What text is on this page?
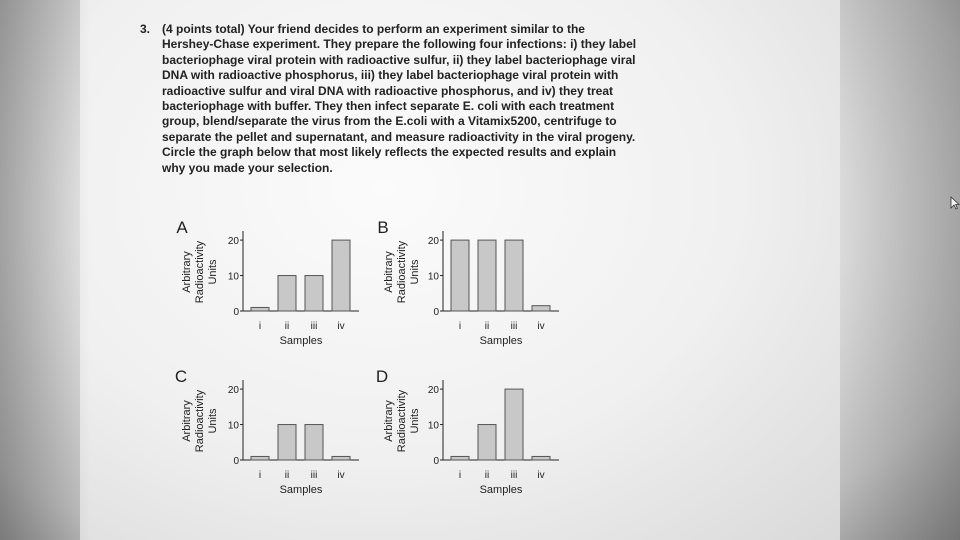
3. (4 points total) Your friend decides to perform an experiment similar to the
Hershey-Chase experiment. They prepare the following four infections: i) they label
bacteriophage viral protein with radioactive sulfur, ii) they label bacteriophage viral
DNA with radioactive phosphorus, iii) they label bacteriophage viral protein with
radioactive sulfur and viral DNA with radioactive phosphorus, and iv) they treat
bacteriophage with buffer. They then infect separate E. coli with each treatment
group, blend/separate the virus from the E.coli with a Vitamix5200, centrifuge to
separate the pellet and supernatant, and measure radioactivity in the viral progeny.
Circle the graph below that most likely reflects the expected results and explain
why you made your selection.
A
0
10
20
i ii iii iv
Samples
Arbitrary Radioactivity Units
B
0
10
20
i ii iii iv
Samples
Arbitrary Radioactivity Units
C
0
10
20
i ii iii iv
Samples
Arbitrary Radioactivity Units
D
0
10
20
i ii iii iv
Samples
Arbitrary Radioactivity Units
